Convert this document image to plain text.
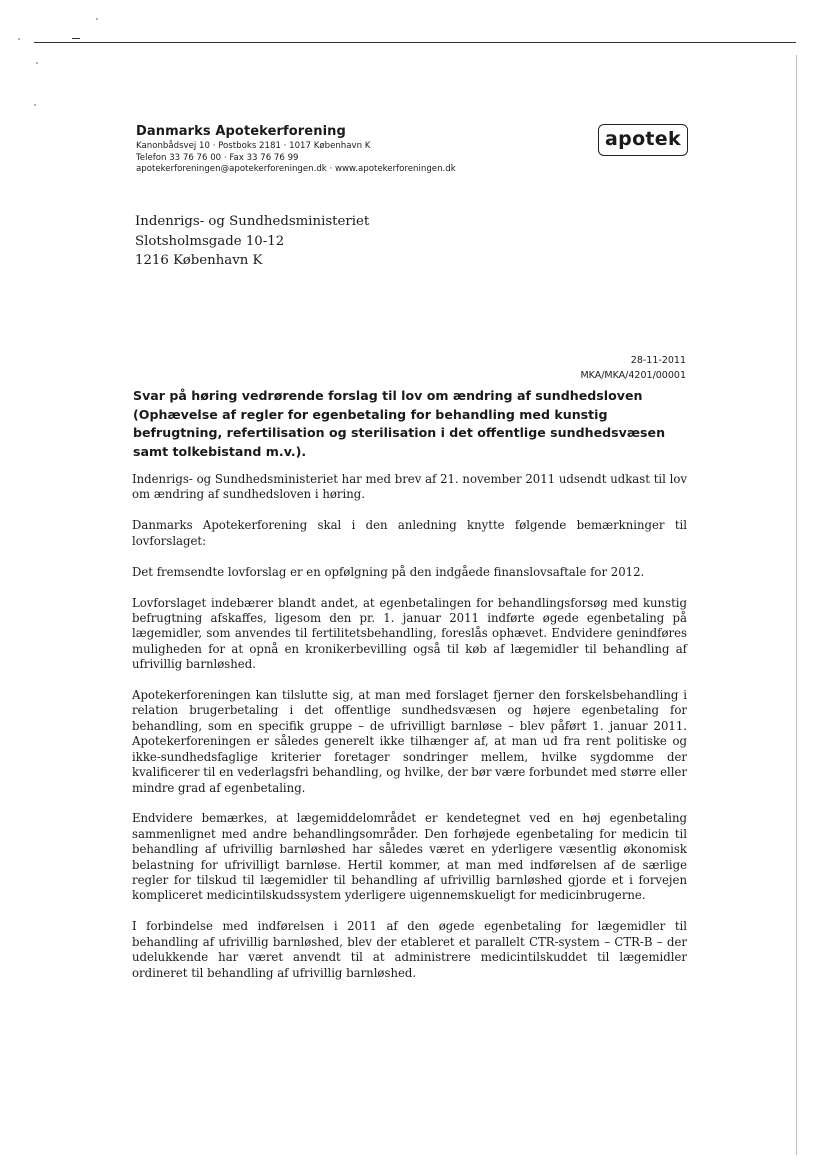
Danmarks Apotekerforening
Kanonbådsvej 10 · Postboks 2181 · 1017 København K
Telefon 33 76 76 00 · Fax 33 76 76 99
apotekerforeningen@apotekerforeningen.dk · www.apotekerforeningen.dk
apotek
Indenrigs- og Sundhedsministeriet
Slotsholmsgade 10-12
1216 København K
28-11-2011
MKA/MKA/4201/00001
Svar på høring vedrørende forslag til lov om ændring af sundhedsloven (Ophævelse af regler for egenbetaling for behandling med kunstig befrugtning, refertilisation og sterilisation i det offentlige sundhedsvæsen samt tolkebistand m.v.).

Indenrigs- og Sundhedsministeriet har med brev af 21. november 2011 udsendt udkast til lov om ændring af sundhedsloven i høring.

Danmarks Apotekerforening skal i den anledning knytte følgende bemærkninger til lovforslaget:

Det fremsendte lovforslag er en opfølgning på den indgåede finanslovsaftale for 2012.

Lovforslaget indebærer blandt andet, at egenbetalingen for behandlingsforsøg med kunstig befrugtning afskaffes, ligesom den pr. 1. januar 2011 indførte øgede egenbetaling på lægemidler, som anvendes til fertilitetsbehandling, foreslås ophævet. Endvidere genindføres muligheden for at opnå en kronikerbevilling også til køb af lægemidler til behandling af ufrivillig barnløshed.

Apotekerforeningen kan tilslutte sig, at man med forslaget fjerner den forskelsbehandling i relation brugerbetaling i det offentlige sundhedsvæsen og højere egenbetaling for behandling, som en specifik gruppe – de ufrivilligt barnløse – blev påført 1. januar 2011. Apotekerforeningen er således generelt ikke tilhænger af, at man ud fra rent politiske og ikke-sundhedsfaglige kriterier foretager sondringer mellem, hvilke sygdomme der kvalificerer til en vederlagsfri behandling, og hvilke, der bør være forbundet med større eller mindre grad af egenbetaling.

Endvidere bemærkes, at lægemiddelområdet er kendetegnet ved en høj egenbetaling sammenlignet med andre behandlingsområder. Den forhøjede egenbetaling for medicin til behandling af ufrivillig barnløshed har således været en yderligere væsentlig økonomisk belastning for ufrivilligt barnløse. Hertil kommer, at man med indførelsen af de særlige regler for tilskud til lægemidler til behandling af ufrivillig barnløshed gjorde et i forvejen kompliceret medicintilskudssystem yderligere uigennemskueligt for medicinbrugerne.

I forbindelse med indførelsen i 2011 af den øgede egenbetaling for lægemidler til behandling af ufrivillig barnløshed, blev der etableret et parallelt CTR-system – CTR-B – der udelukkende har været anvendt til at administrere medicintilskuddet til lægemidler ordineret til behandling af ufrivillig barnløshed.
